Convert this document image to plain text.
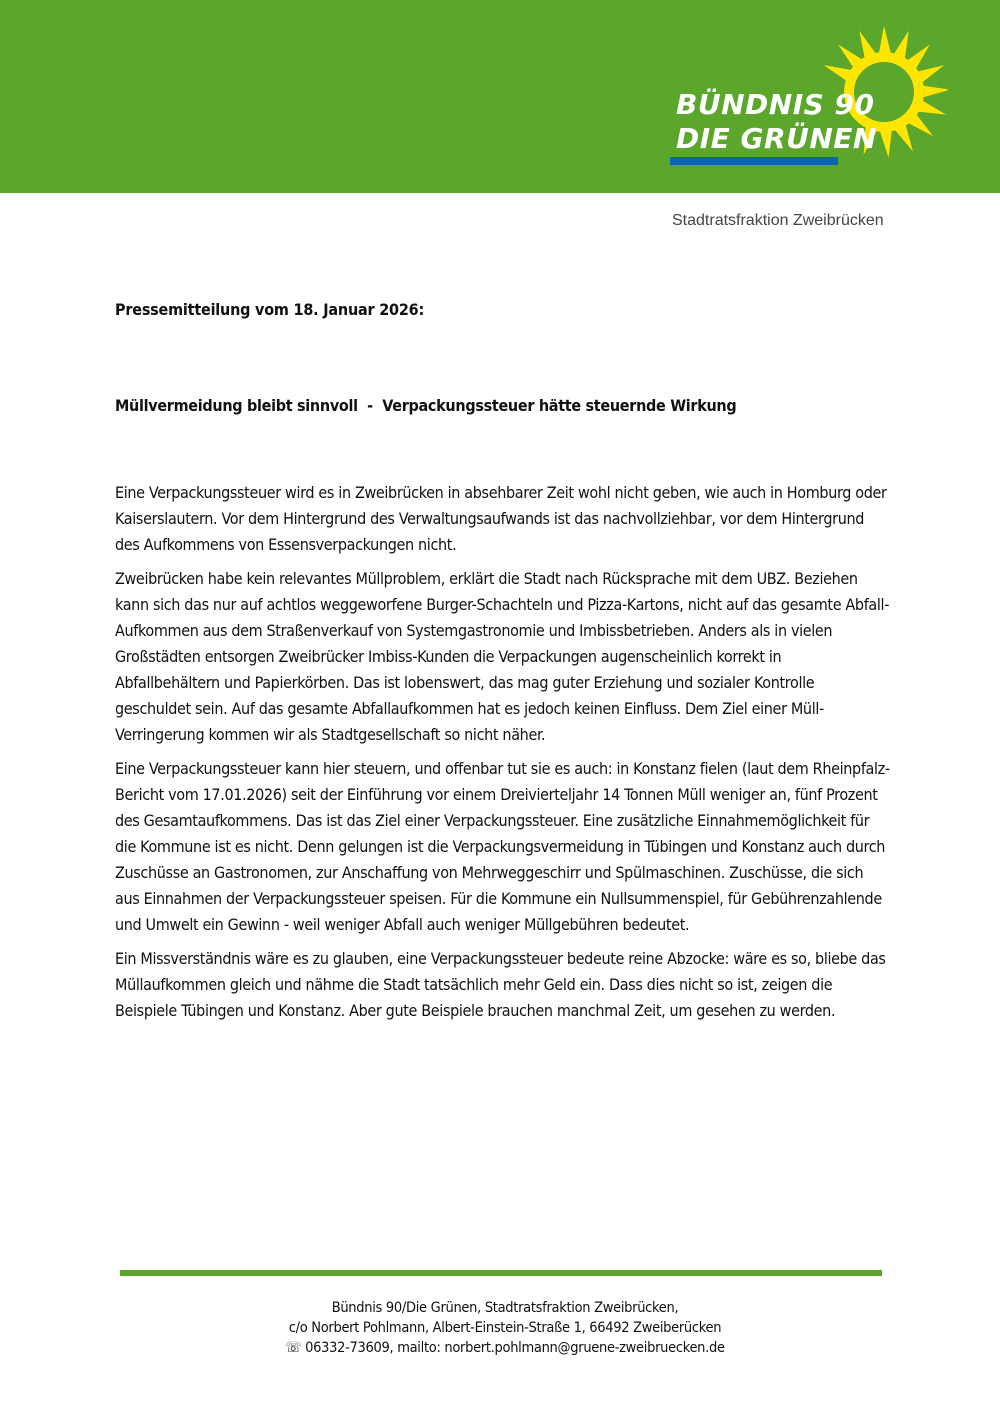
BÜNDNIS 90
DIE GRÜNEN
Stadtratsfraktion Zweibrücken
Pressemitteilung vom 18. Januar 2026:
Müllvermeidung bleibt sinnvoll  -  Verpackungssteuer hätte steuernde Wirkung

Eine Verpackungssteuer wird es in Zweibrücken in absehbarer Zeit wohl nicht geben, wie auch in Homburg oder Kaiserslautern. Vor dem Hintergrund des Verwaltungsaufwands ist das nachvollziehbar, vor dem Hintergrund des Aufkommens von Essensverpackungen nicht.

Zweibrücken habe kein relevantes Müllproblem, erklärt die Stadt nach Rücksprache mit dem UBZ. Beziehen kann sich das nur auf achtlos weggeworfene Burger-Schachteln und Pizza-Kartons, nicht auf das gesamte Abfall-Aufkommen aus dem Straßenverkauf von Systemgastronomie und Imbissbetrieben. Anders als in vielen Großstädten entsorgen Zweibrücker Imbiss-Kunden die Verpackungen augenscheinlich korrekt in Abfallbehältern und Papierkörben. Das ist lobenswert, das mag guter Erziehung und sozialer Kontrolle geschuldet sein. Auf das gesamte Abfallaufkommen hat es jedoch keinen Einfluss. Dem Ziel einer Müll-Verringerung kommen wir als Stadtgesellschaft so nicht näher.

Eine Verpackungssteuer kann hier steuern, und offenbar tut sie es auch: in Konstanz fielen (laut dem Rheinpfalz-Bericht vom 17.01.2026) seit der Einführung vor einem Dreivierteljahr 14 Tonnen Müll weniger an, fünf Prozent des Gesamtaufkommens. Das ist das Ziel einer Verpackungssteuer. Eine zusätzliche Einnahmemöglichkeit für die Kommune ist es nicht. Denn gelungen ist die Verpackungsvermeidung in Tübingen und Konstanz auch durch Zuschüsse an Gastronomen, zur Anschaffung von Mehrweggeschirr und Spülmaschinen. Zuschüsse, die sich aus Einnahmen der Verpackungssteuer speisen. Für die Kommune ein Nullsummenspiel, für Gebührenzahlende und Umwelt ein Gewinn - weil weniger Abfall auch weniger Müllgebühren bedeutet.

Ein Missverständnis wäre es zu glauben, eine Verpackungssteuer bedeute reine Abzocke: wäre es so, bliebe das Müllaufkommen gleich und nähme die Stadt tatsächlich mehr Geld ein. Dass dies nicht so ist, zeigen die Beispiele Tübingen und Konstanz. Aber gute Beispiele brauchen manchmal Zeit, um gesehen zu werden.

Bündnis 90/Die Grünen, Stadtratsfraktion Zweibrücken,
c/o Norbert Pohlmann, Albert-Einstein-Straße 1, 66492 Zweiberücken
☏ 06332-73609, mailto: norbert.pohlmann@gruene-zweibruecken.de
